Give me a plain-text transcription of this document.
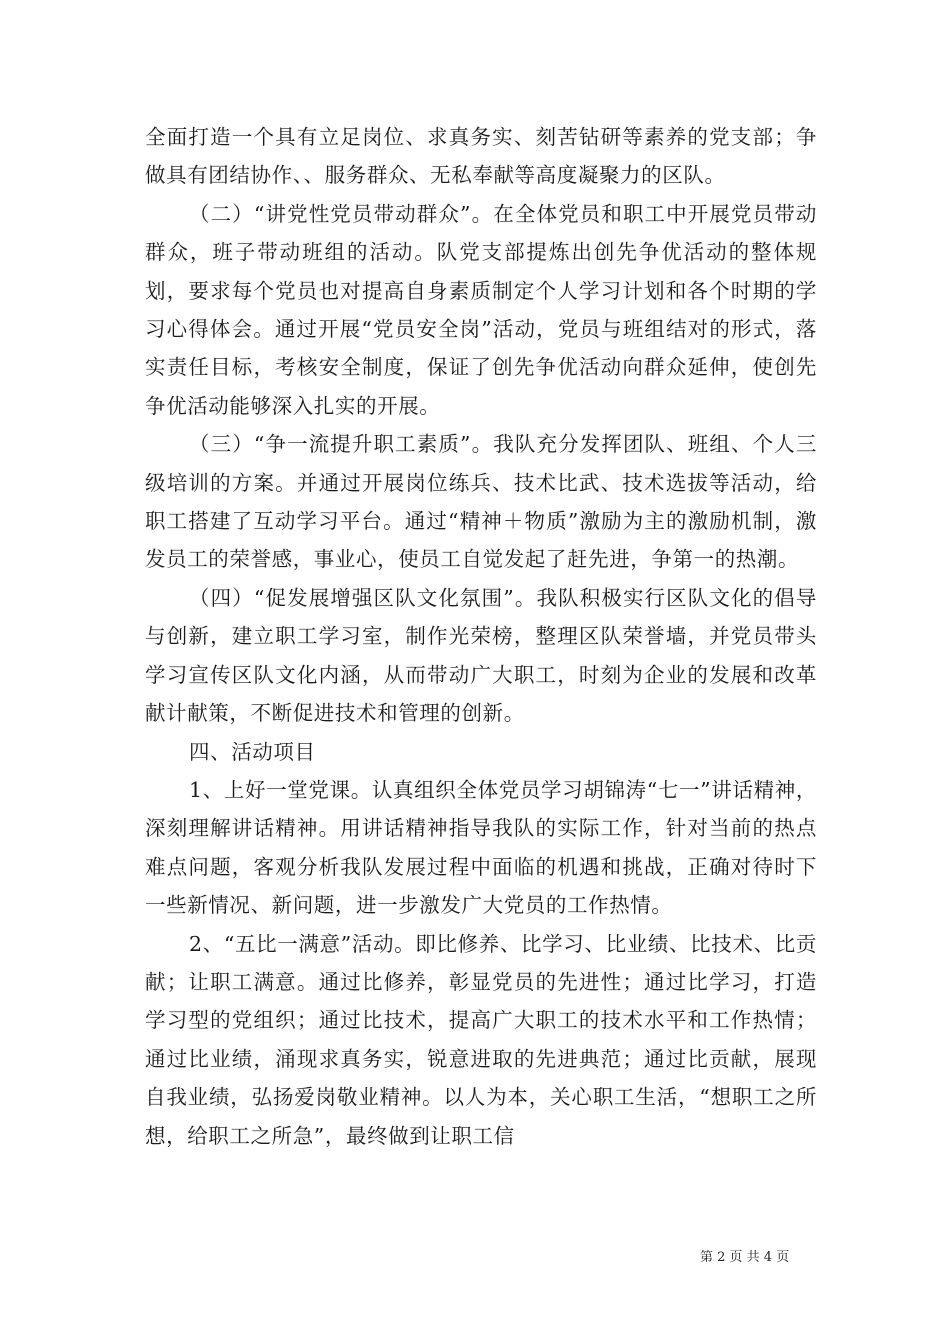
全面打造一个具有立足岗位、求真务实、刻苦钻研等素养的党支部；争做具有团结协作、、服务群众、无私奉献等高度凝聚力的区队。

（二）“讲党性党员带动群众”。在全体党员和职工中开展党员带动群众，班子带动班组的活动。队党支部提炼出创先争优活动的整体规划，要求每个党员也对提高自身素质制定个人学习计划和各个时期的学习心得体会。通过开展“党员安全岗”活动，党员与班组结对的形式，落实责任目标，考核安全制度，保证了创先争优活动向群众延伸，使创先争优活动能够深入扎实的开展。

（三）“争一流提升职工素质”。我队充分发挥团队、班组、个人三级培训的方案。并通过开展岗位练兵、技术比武、技术选拔等活动，给职工搭建了互动学习平台。通过“精神＋物质”激励为主的激励机制，激发员工的荣誉感，事业心，使员工自觉发起了赶先进，争第一的热潮。

（四）“促发展增强区队文化氛围”。我队积极实行区队文化的倡导与创新，建立职工学习室，制作光荣榜，整理区队荣誉墙，并党员带头学习宣传区队文化内涵，从而带动广大职工，时刻为企业的发展和改革献计献策，不断促进技术和管理的创新。

四、活动项目

1、上好一堂党课。认真组织全体党员学习胡锦涛“七一”讲话精神，深刻理解讲话精神。用讲话精神指导我队的实际工作，针对当前的热点难点问题，客观分析我队发展过程中面临的机遇和挑战，正确对待时下一些新情况、新问题，进一步激发广大党员的工作热情。

2、“五比一满意”活动。即比修养、比学习、比业绩、比技术、比贡献；让职工满意。通过比修养，彰显党员的先进性；通过比学习，打造学习型的党组织；通过比技术，提高广大职工的技术水平和工作热情；通过比业绩，涌现求真务实，锐意进取的先进典范；通过比贡献，展现自我业绩，弘扬爱岗敬业精神。以人为本，关心职工生活，“想职工之所想，给职工之所急”，最终做到让职工信

第 2 页 共 4 页
